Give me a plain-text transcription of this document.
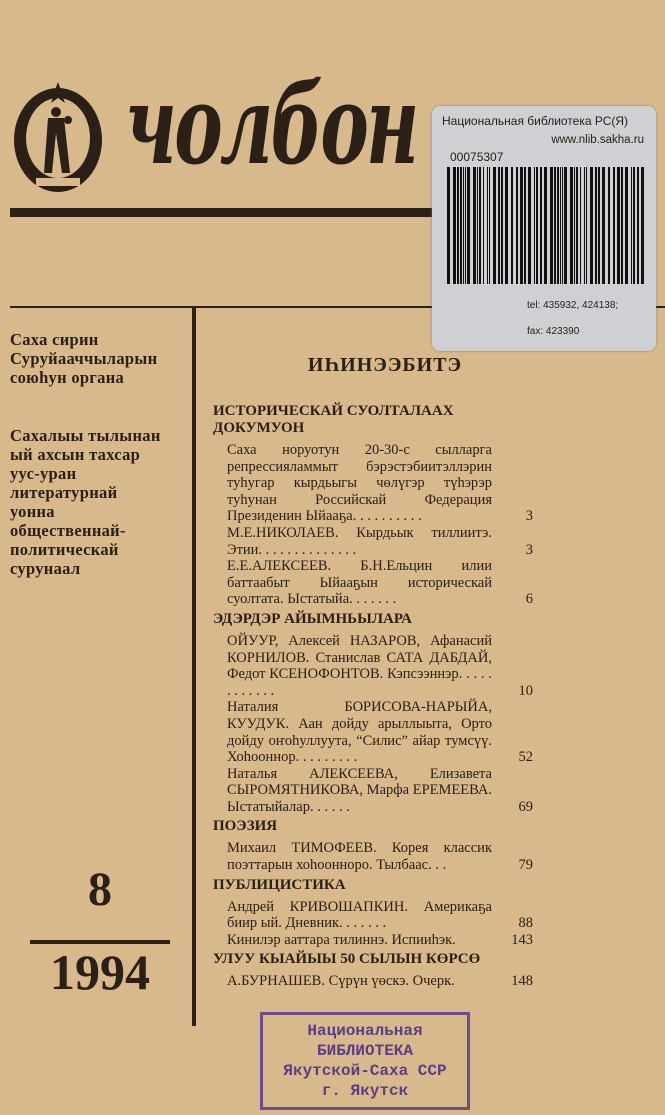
чолбон
Саха сирин
Суруйааччыларын
союhун органа
Сахалыы тылынан
ый ахсын тахсар
уус-уран
литературнай
уонна
общественнай-
политическай
сурунаал
8
1994
ИҺИНЭЭБИТЭ
ИСТОРИЧЕСКАЙ СУОЛТАЛААХ ДОКУМУОН
Саха норуотун 20-30-с сылларга репрессияламмыт бэрэстэбиитэллэрин туhугар кырдьыгы чөлүгэр түhэрэр туhунан Российскай Федерация Президенин Ыйааҕа. . . . . . . . . .	3
М.Е.НИКОЛАЕВ. Кырдьык тиллиитэ. Этии. . . . . . . . . . . . . .	3
Е.Е.АЛЕКСЕЕВ. Б.Н.Ельцин илии баттаабыт Ыйааҕын историческай суолтата. Ыстатыйа. . . . . . .	6
ЭДЭРДЭР АЙЫМНЬЫЛАРА
ОЙУУР, Алексей НАЗАРОВ, Афанасий КОРНИЛОВ. Станислав САТА ДАБДАЙ, Федот КСЕНОФОНТОВ. Кэпсээннэр. . . . . . . . . . . .	10
Наталия БОРИСОВА-НАРЫЙА, КУУДУК. Аан дойду арыллыыта, Орто дойду оҥоhуллуута, “Силис” айар тумсүү. Хоhооннор. . . . . . . . .	52
Наталья АЛЕКСЕЕВА, Елизавета СЫРОМЯТНИКОВА, Марфа ЕРЕМЕЕВА. Ыстатыйалар. . . . . .	69
ПОЭЗИЯ
Михаил ТИМОФЕЕВ. Корея классик поэттарын хоhоонноро. Тылбаас. . .	79
ПУБЛИЦИСТИКА
Андрей КРИВОШАПКИН. Америкаҕа биир ый. Дневник. . . . . . .	88
Кинилэр ааттара тилиннэ. Испииhэк.	143
УЛУУ КЫАЙЫЫ 50 СЫЛЫН КӨРСӨ
А.БУРНАШЕВ. Сүрүн үөскэ. Очерк.	148
Национальная библиотека РС(Я)
www.nlib.sakha.ru
00075307
tel: 435932, 424138;
fax: 423390
Национальная
БИБЛИОТЕКА
Якутской-Саха ССР
г. Якутск
